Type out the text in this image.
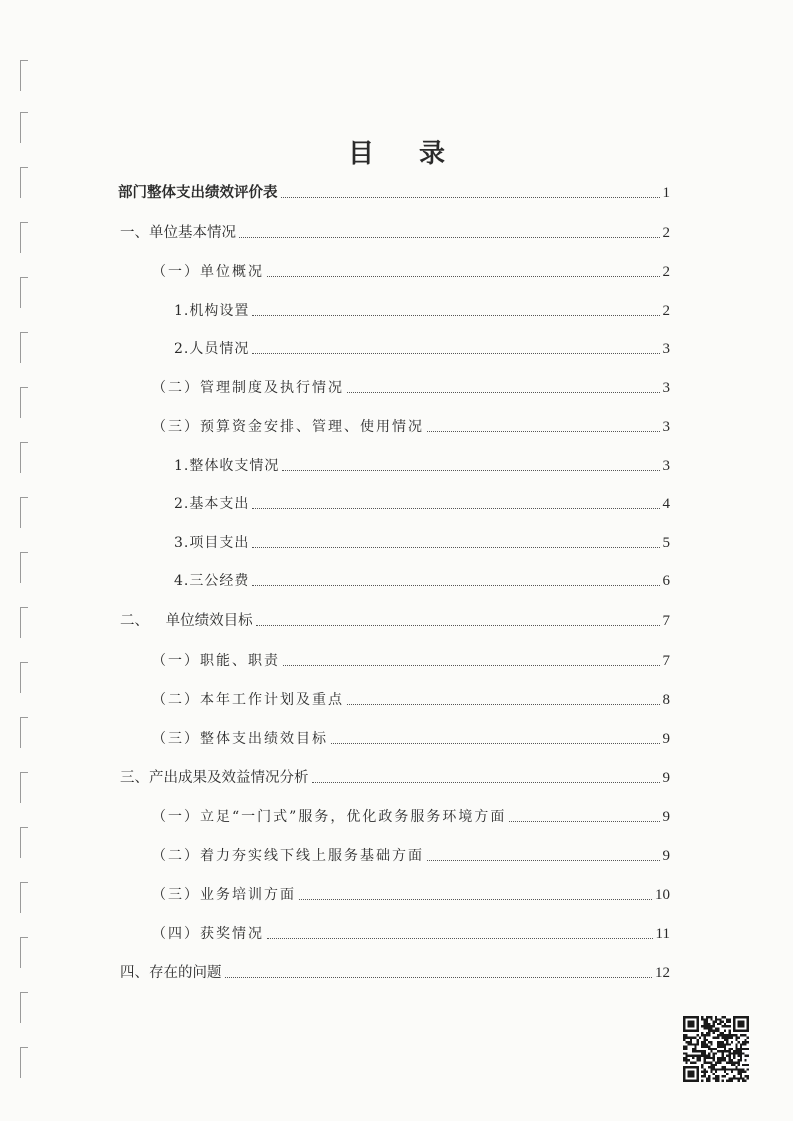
目 录
部门整体支出绩效评价表	1
一、单位基本情况	2
（一）单位概况	2
1.机构设置	2
2.人员情况	3
（二）管理制度及执行情况	3
（三）预算资金安排、管理、使用情况	3
1.整体收支情况	3
2.基本支出	4
3.项目支出	5
4.三公经费	6
二、 单位绩效目标	7
（一）职能、职责	7
（二）本年工作计划及重点	8
（三）整体支出绩效目标	9
三、产出成果及效益情况分析	9
（一）立足“一门式”服务，优化政务服务环境方面	9
（二）着力夯实线下线上服务基础方面	9
（三）业务培训方面	10
（四）获奖情况	11
四、存在的问题	12
